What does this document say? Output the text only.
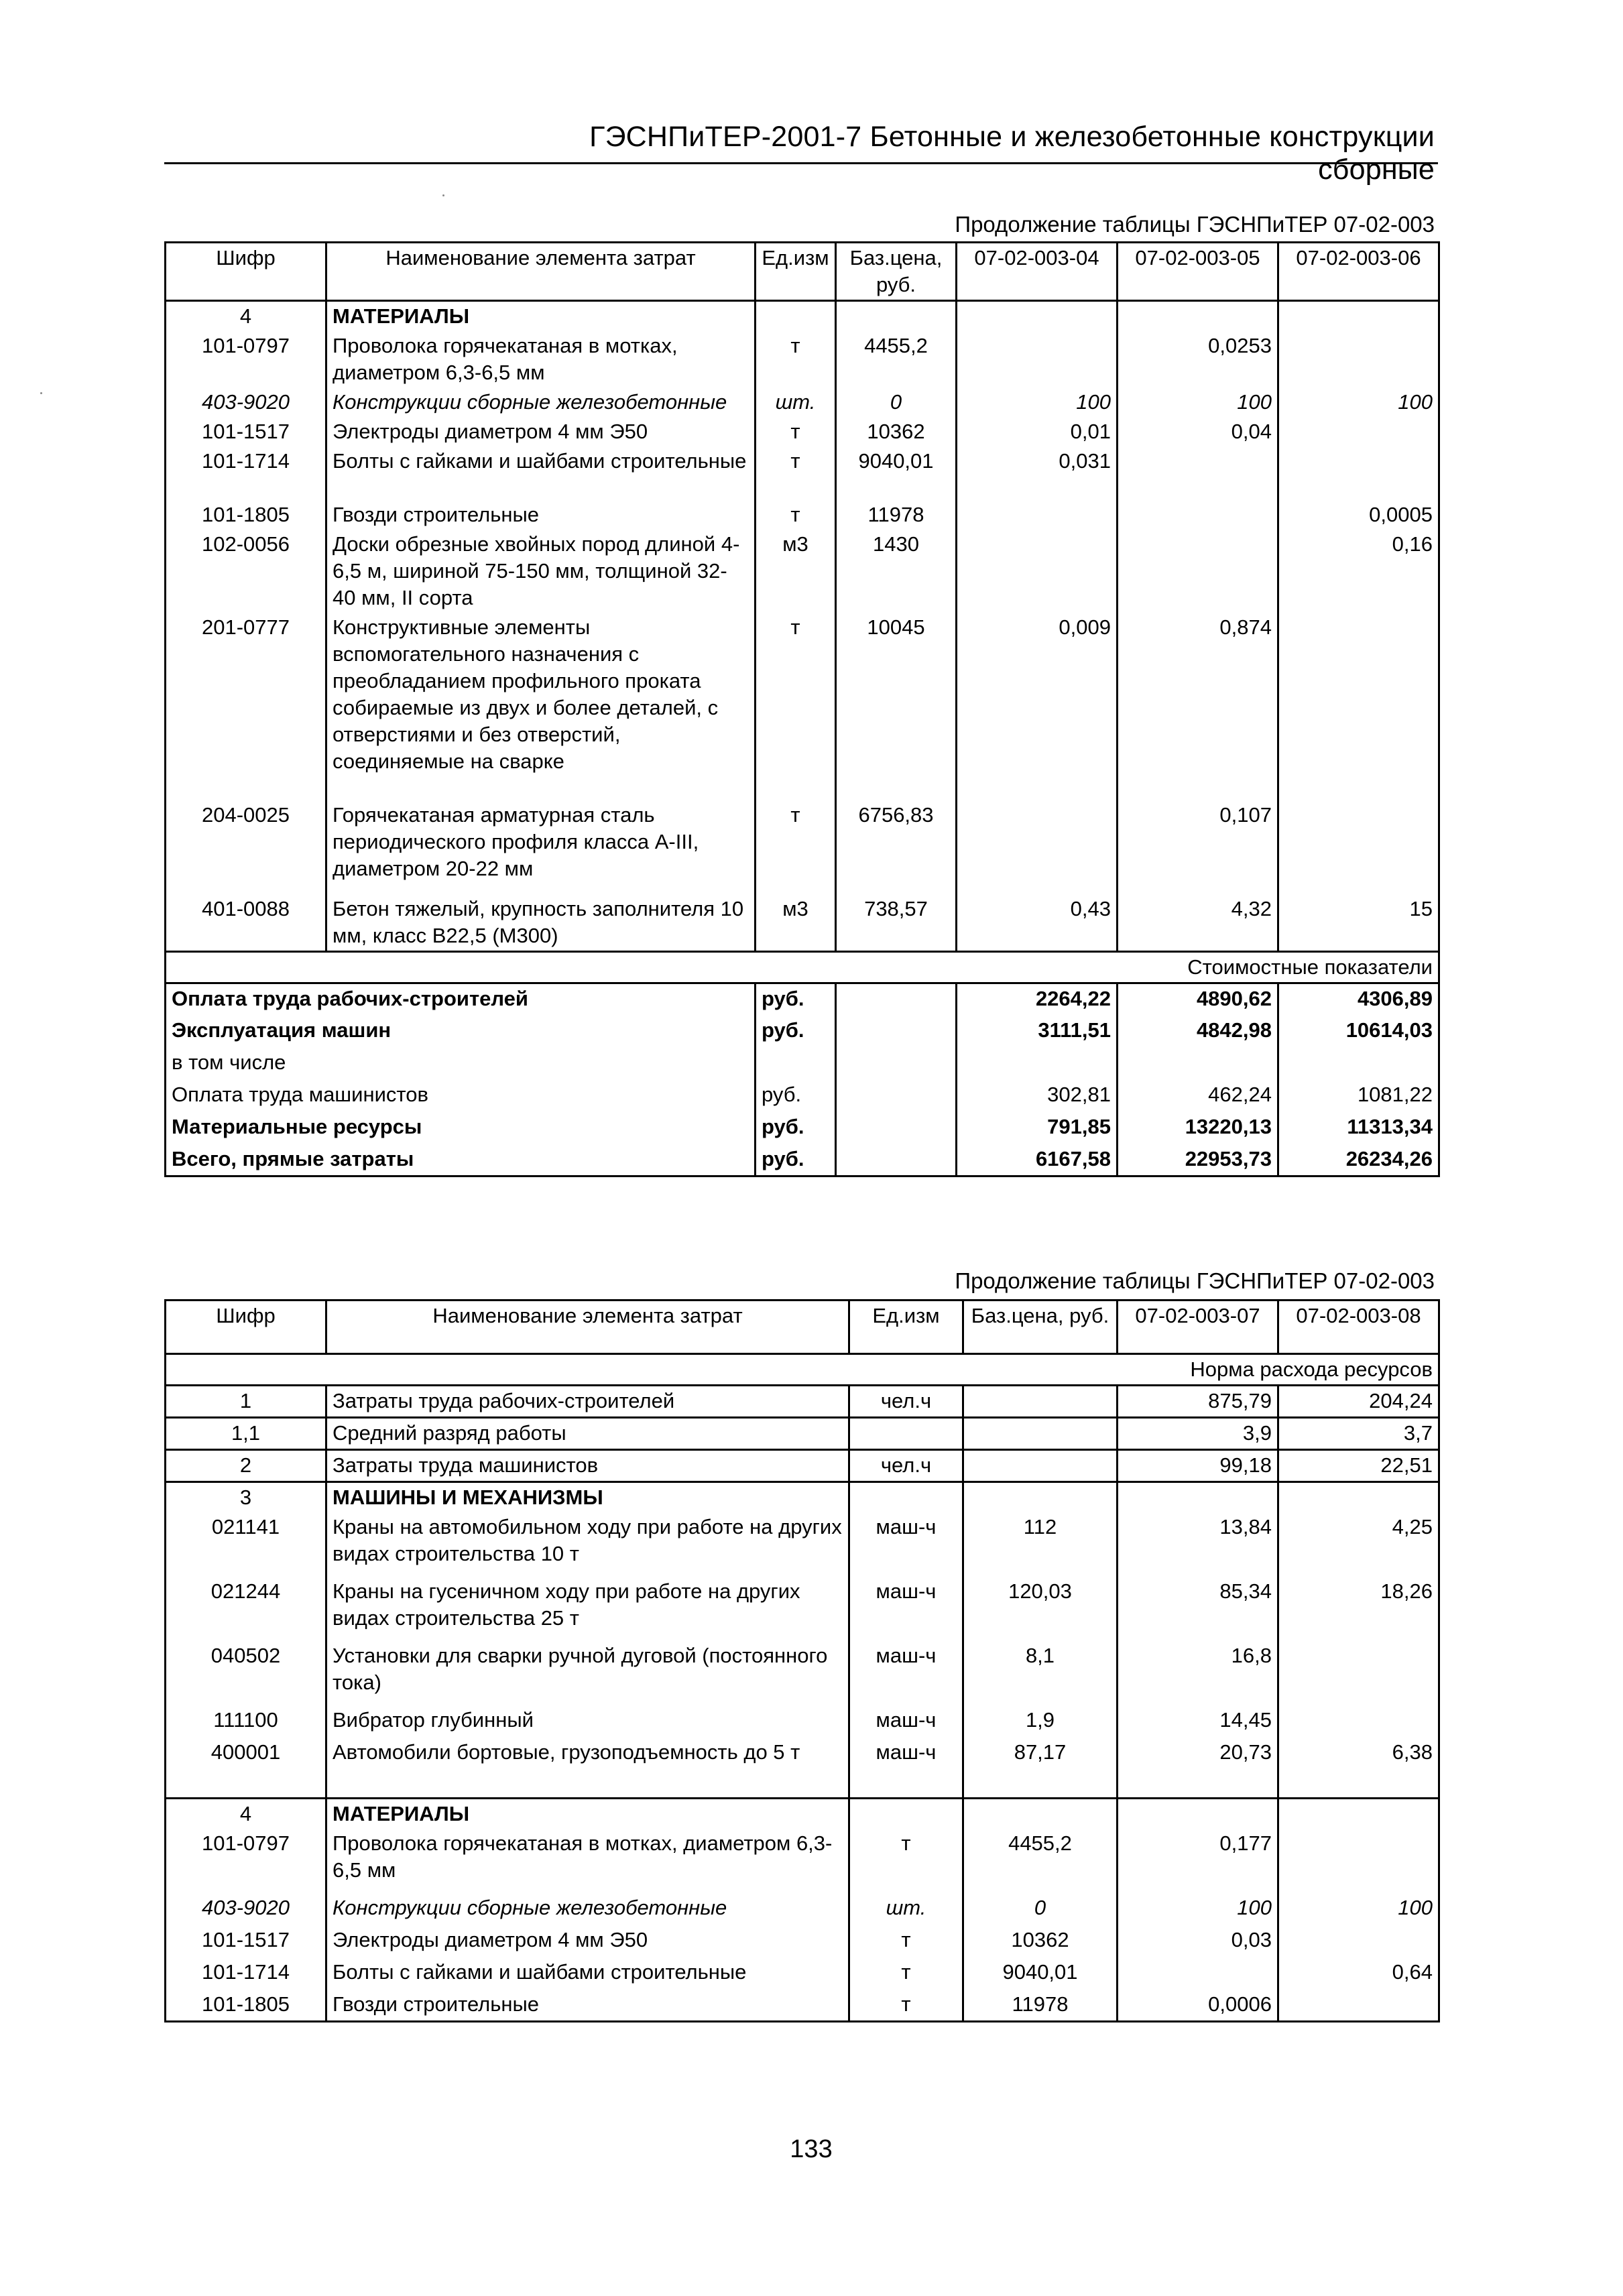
ГЭСНПиТЕР-2001-7 Бетонные и железобетонные конструкции сборные
Продолжение таблицы ГЭСНПиТЕР 07-02-003
Шифр	Наименование элемента затрат	Ед.изм	Баз.цена, руб.	07-02-003-04	07-02-003-05	07-02-003-06
4	МАТЕРИАЛЫ					
101-0797	Проволока горячекатаная в мотках, диаметром 6,3-6,5 мм	т	4455,2		0,0253	
403-9020	Конструкции сборные железобетонные	шт.	0	100	100	100
101-1517	Электроды диаметром 4 мм Э50	т	10362	0,01	0,04	
101-1714	Болты с гайками и шайбами строительные	т	9040,01	0,031		
101-1805	Гвозди строительные	т	11978			0,0005
102-0056	Доски обрезные хвойных пород длиной 4-6,5 м, шириной 75-150 мм, толщиной 32-40 мм, II сорта	м3	1430			0,16
201-0777	Конструктивные элементы вспомогательного назначения с преобладанием профильного проката собираемые из двух и более деталей, с отверстиями и без отверстий, соединяемые на сварке	т	10045	0,009	0,874	
204-0025	Горячекатаная арматурная сталь периодического профиля класса А-III, диаметром 20-22 мм	т	6756,83		0,107	
401-0088	Бетон тяжелый, крупность заполнителя 10 мм, класс В22,5 (М300)	м3	738,57	0,43	4,32	15
Стоимостные показатели						
Оплата труда рабочих-строителей		руб.		2264,22	4890,62	4306,89
Эксплуатация машин		руб.		3111,51	4842,98	10614,03
в том числе						
Оплата труда машинистов		руб.		302,81	462,24	1081,22
Материальные ресурсы		руб.		791,85	13220,13	11313,34
Всего, прямые затраты		руб.		6167,58	22953,73	26234,26
Продолжение таблицы ГЭСНПиТЕР 07-02-003
Шифр	Наименование элемента затрат	Ед.изм	Баз.цена, руб.	07-02-003-07	07-02-003-08
Норма расхода ресурсов					
1	Затраты труда рабочих-строителей	чел.ч		875,79	204,24
1,1	Средний разряд работы			3,9	3,7
2	Затраты труда машинистов	чел.ч		99,18	22,51
3	МАШИНЫ И МЕХАНИЗМЫ				
021141	Краны на автомобильном ходу при работе на других видах строительства 10 т	маш-ч	112	13,84	4,25
021244	Краны на гусеничном ходу при работе на других видах строительства 25 т	маш-ч	120,03	85,34	18,26
040502	Установки для сварки ручной дуговой (постоянного тока)	маш-ч	8,1	16,8	
111100	Вибратор глубинный	маш-ч	1,9	14,45	
400001	Автомобили бортовые, грузоподъемность до 5 т	маш-ч	87,17	20,73	6,38
4	МАТЕРИАЛЫ				
101-0797	Проволока горячекатаная в мотках, диаметром 6,3-6,5 мм	т	4455,2	0,177	
403-9020	Конструкции сборные железобетонные	шт.	0	100	100
101-1517	Электроды диаметром 4 мм Э50	т	10362	0,03	
101-1714	Болты с гайками и шайбами строительные	т	9040,01		0,64
101-1805	Гвозди строительные	т	11978	0,0006	
133
